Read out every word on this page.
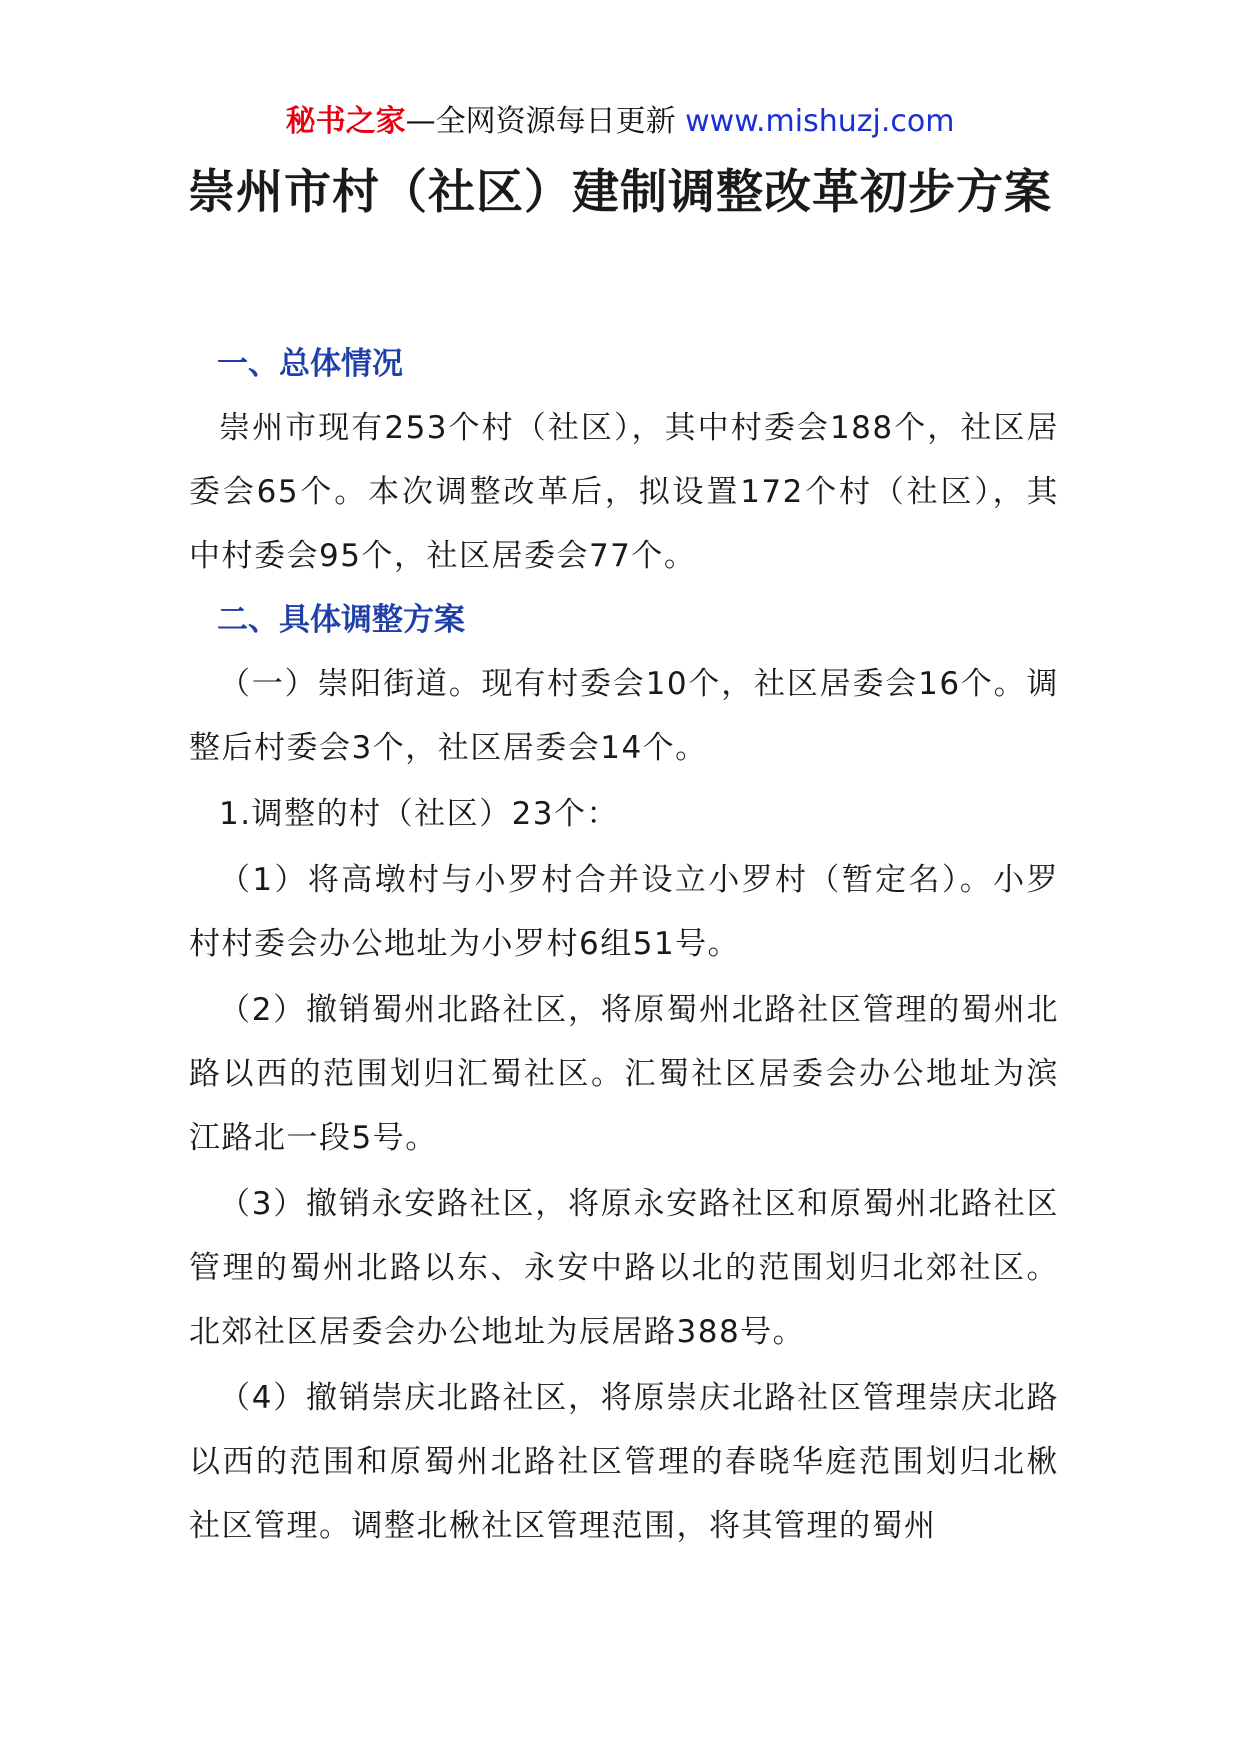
秘书之家—全网资源每日更新 www.mishuzj.com
崇州市村（社区）建制调整改革初步方案

一、总体情况

崇州市现有253个村（社区），其中村委会188个，社区居委会65个。本次调整改革后，拟设置172个村（社区），其中村委会95个，社区居委会77个。

二、具体调整方案

（一）崇阳街道。现有村委会10个，社区居委会16个。调整后村委会3个，社区居委会14个。

1.调整的村（社区）23个：

（1）将高墩村与小罗村合并设立小罗村（暂定名）。小罗村村委会办公地址为小罗村6组51号。

（2）撤销蜀州北路社区，将原蜀州北路社区管理的蜀州北路以西的范围划归汇蜀社区。汇蜀社区居委会办公地址为滨江路北一段5号。

（3）撤销永安路社区，将原永安路社区和原蜀州北路社区管理的蜀州北路以东、永安中路以北的范围划归北郊社区。北郊社区居委会办公地址为辰居路388号。

（4）撤销崇庆北路社区，将原崇庆北路社区管理崇庆北路以西的范围和原蜀州北路社区管理的春晓华庭范围划归北楸社区管理。调整北楸社区管理范围，将其管理的蜀州
